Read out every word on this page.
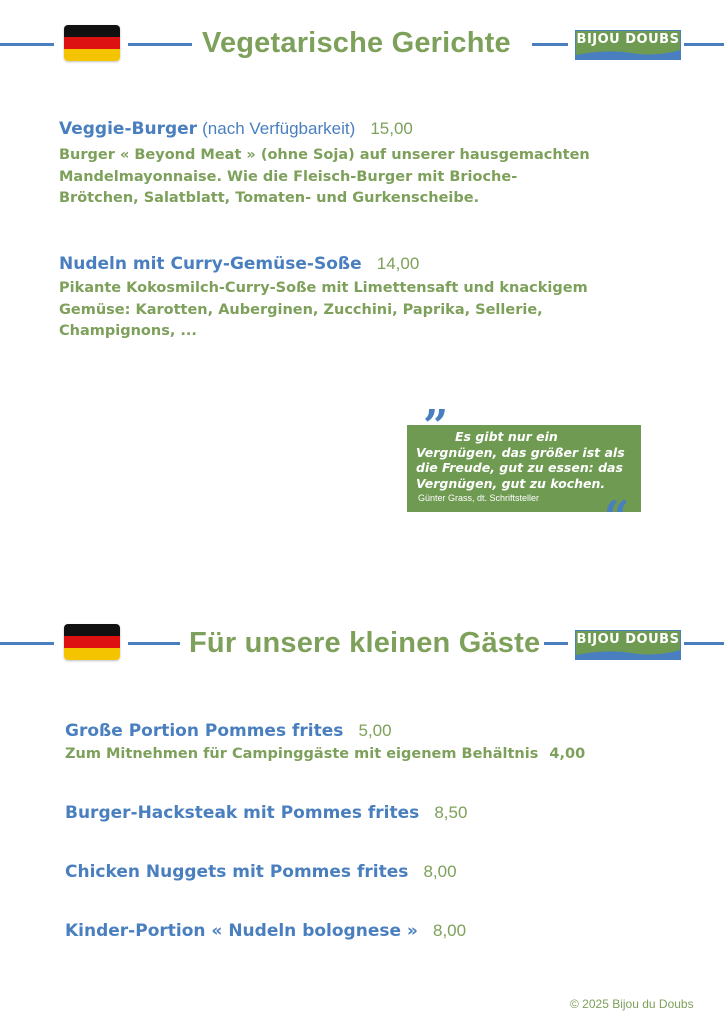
Vegetarische Gerichte	BIJOU DOUBS
Veggie-Burger (nach Verfügbarkeit) 15,00
Burger « Beyond Meat » (ohne Soja) auf unserer hausgemachten
Mandelmayonnaise. Wie die Fleisch-Burger mit Brioche-
Brötchen, Salatblatt, Tomaten- und Gurkenscheibe.
Nudeln mit Curry-Gemüse-Soße 14,00
Pikante Kokosmilch-Curry-Soße mit Limettensaft und knackigem
Gemüse: Karotten, Auberginen, Zucchini, Paprika, Sellerie,
Champignons, ...
” Es gibt nur ein
Vergnügen, das größer ist als
die Freude, gut zu essen: das
Vergnügen, gut zu kochen.
Günter Grass, dt. Schriftsteller “
Für unsere kleinen Gäste	BIJOU DOUBS
Große Portion Pommes frites 5,00
Zum Mitnehmen für Campinggäste mit eigenem Behältnis 4,00
Burger-Hacksteak mit Pommes frites 8,50
Chicken Nuggets mit Pommes frites 8,00
Kinder-Portion « Nudeln bolognese » 8,00
© 2025 Bijou du Doubs
